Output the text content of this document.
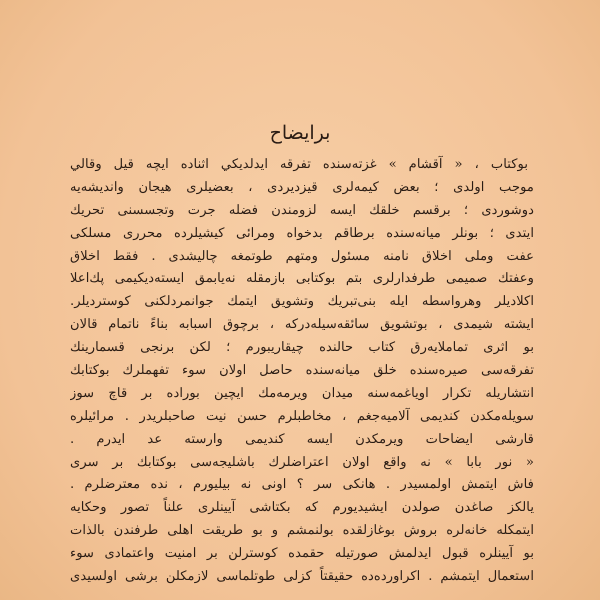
برايضاح
بوكتاب ، « آقشام » غزته‌سنده تفرقه ايدلديكي اثناده ايچه قيل وقالي
موجب اولدى ؛ بعض كيمه‌لرى قيزديردى ، بعضيلرى هيجان واندیشه‌يه
دوشوردى ؛ برقسم خلقك ايسه لزومندن فضله جرت وتجسسنى تحريك
ايتدى ؛ بونلر ميانه‌سنده برطاقم بدخواه ومرائى كيشيلرده محررى مسلكى
عفت وملى اخلاق نامنه مسئول ومتهم طوتمغه چاليشدى . فقط اخلاق
وعفتك صميمى طرفدارلرى بتم بوكتابى بازمقله نه‌يابمق ايسته‌ديكيمى پك‌اعلا
اكلاديلر وهرواسطه ايله بنى‌تبريك وتشويق ايتمك جوانمردلكنى كوستردیلر.
ايشته شيمدى ، بوتشويق سائقه‌سيله‌دركه ، برچوق اسبابه بناءً ناتمام قالان
بو اثرى تماملايه‌رق كتاب حالنده چيقاريبورم ؛ لكن برنجى قسمارينك
تفرقه‌سى صيره‌سنده خلق ميانه‌سنده حاصل اولان سوء تفهملرك بوكتابك
انتشاريله تكرار اوياغمه‌سنه ميدان ويرمه‌مك ايچين بوراده بر قاچ سوز
سويله‌مكدن كنديمى آلاميه‌جغم ، مخاطبلرم حسن نيت صاحبلريدر . مرائيلره
قارشى ايضاحات ويرمكدن ايسه كنديمى وارسته عد ايدرم .
« نور بابا » نه واقع اولان اعتراضلرك باشليجه‌سى بوكتابك بر سرى
فاش ايتمش اولمسيدر . هانكى سر ؟ اونى نه بيليورم ، نده معترضلرم .
يالكز صاغدن صولدن ايشيديورم كه بكتاشى آيينلرى علناً تصور وحكايه
ايتمكله خانه‌لره بروش بوغازلقده بولنمشم و بو طريقت اهلى طرفندن بالذات
بو آيينلره قبول ايدلمش صورتيله حقمده كوسترلن بر امنيت واعتمادى سوء
استعمال ايتمشم . اكراورده‌ده حقيقتاً كزلى طوتلماسى لازمكلن برشى اولسيدى
